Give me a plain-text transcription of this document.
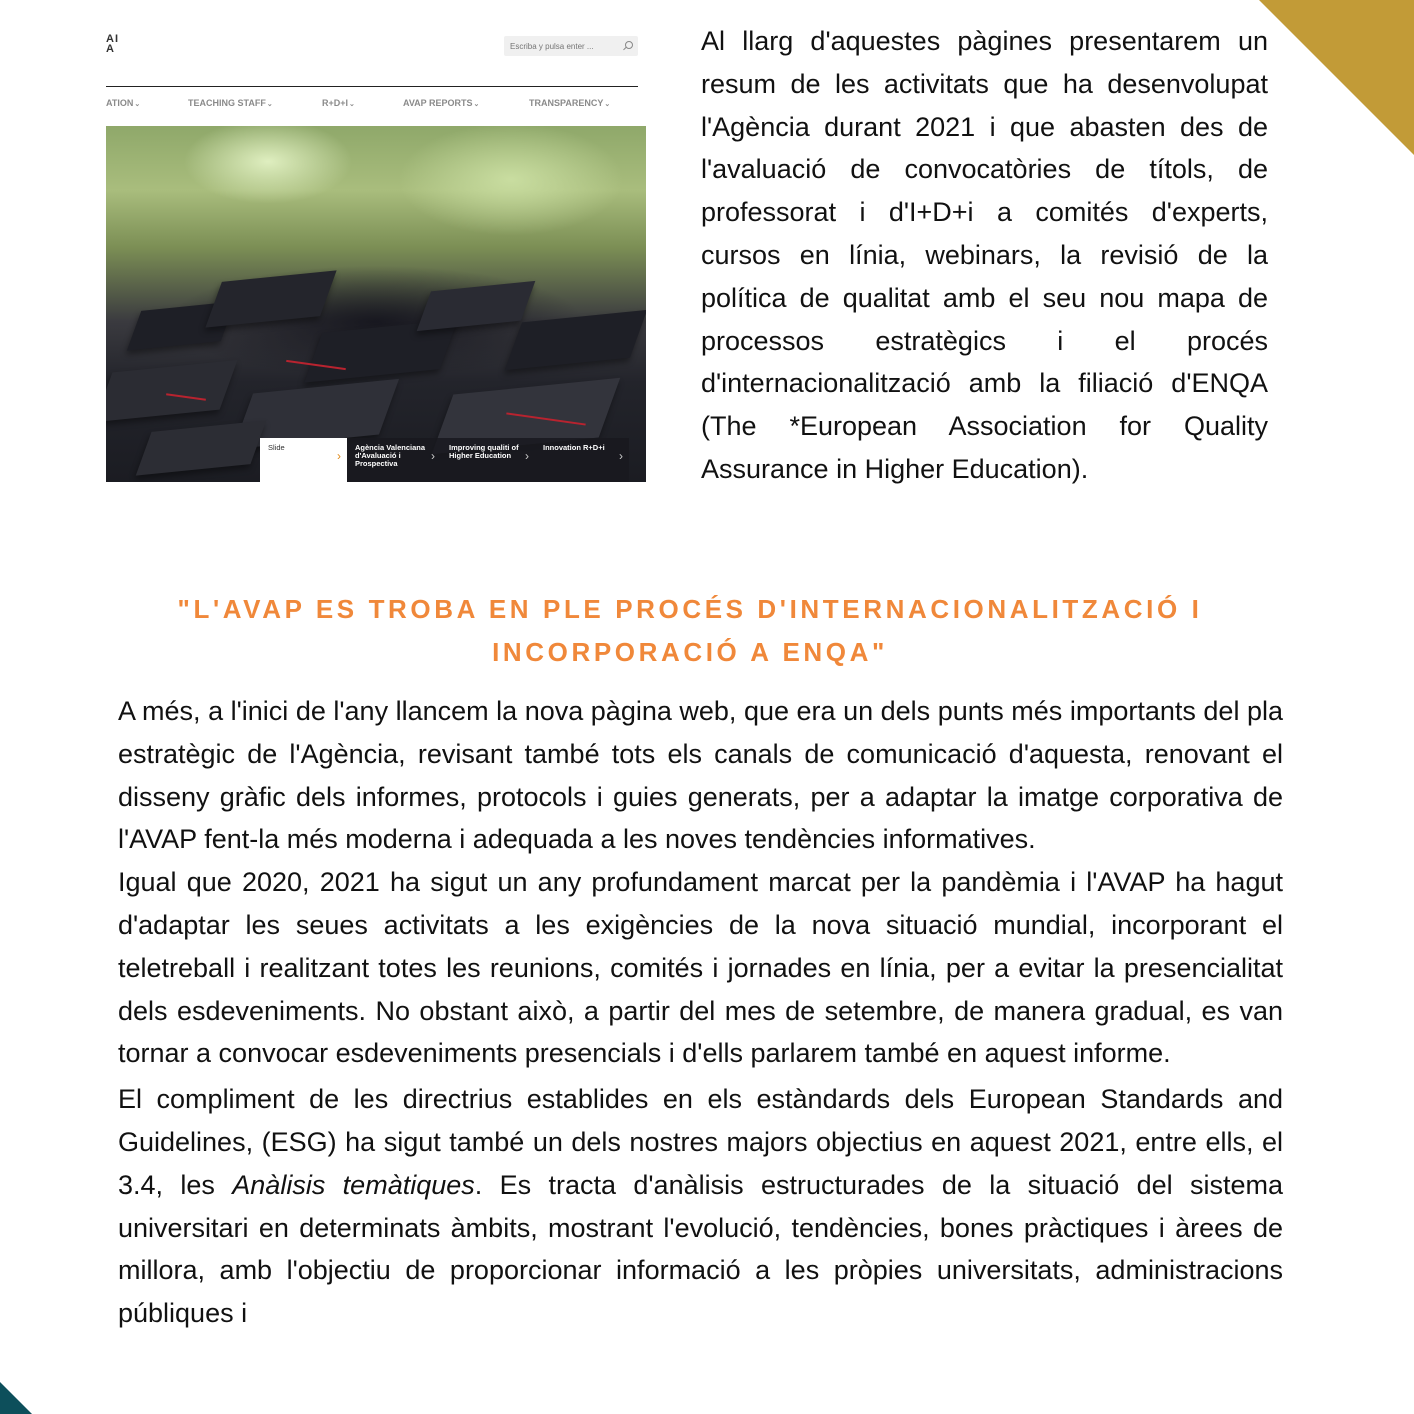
AI
A
Escriba y pulsa enter ...
ATION⌄	TEACHING STAFF⌄	R+D+I⌄	AVAP REPORTS⌄	TRANSPARENCY⌄
Slide
›
Agència Valenciana d'Avaluació i Prospectiva
›
Improving qualiti of Higher Education ›
Innovation R+D+i
›
Al llarg d'aquestes pàgines presentarem un resum de les activitats que ha desenvolupat l'Agència durant 2021 i que abasten des de l'avaluació de convocatòries de títols, de professorat i d'I+D+i a comités d'experts, cursos en línia, webinars, la revisió de la política de qualitat amb el seu nou mapa de processos estratègics i el procés d'internacionalització amb la filiació d'ENQA (The *European Association for Quality Assurance in Higher Education).
"L'AVAP ES TROBA EN PLE PROCÉS D'INTERNACIONALITZACIÓ I INCORPORACIÓ A ENQA"

A més, a l'inici de l'any llancem la nova pàgina web, que era un dels punts més importants del pla estratègic de l'Agència, revisant també tots els canals de comunicació d'aquesta, renovant el disseny gràfic dels informes, protocols i guies generats, per a adaptar la imatge corporativa de l'AVAP fent-la més moderna i adequada a les noves tendències informatives.

Igual que 2020, 2021 ha sigut un any profundament marcat per la pandèmia i l'AVAP ha hagut d'adaptar les seues activitats a les exigències de la nova situació mundial, incorporant el teletreball i realitzant totes les reunions, comités i jornades en línia, per a evitar la presencialitat dels esdeveniments. No obstant això, a partir del mes de setembre, de manera gradual, es van tornar a convocar esdeveniments presencials i d'ells parlarem també en aquest informe.

El compliment de les directrius establides en els estàndards dels European Standards and Guidelines, (ESG) ha sigut també un dels nostres majors objectius en aquest 2021, entre ells, el 3.4, les Anàlisis temàtiques. Es tracta d'anàlisis estructurades de la situació del sistema universitari en determinats àmbits, mostrant l'evolució, tendències, bones pràctiques i àrees de millora, amb l'objectiu de proporcionar informació a les pròpies universitats, administracions públiques i
